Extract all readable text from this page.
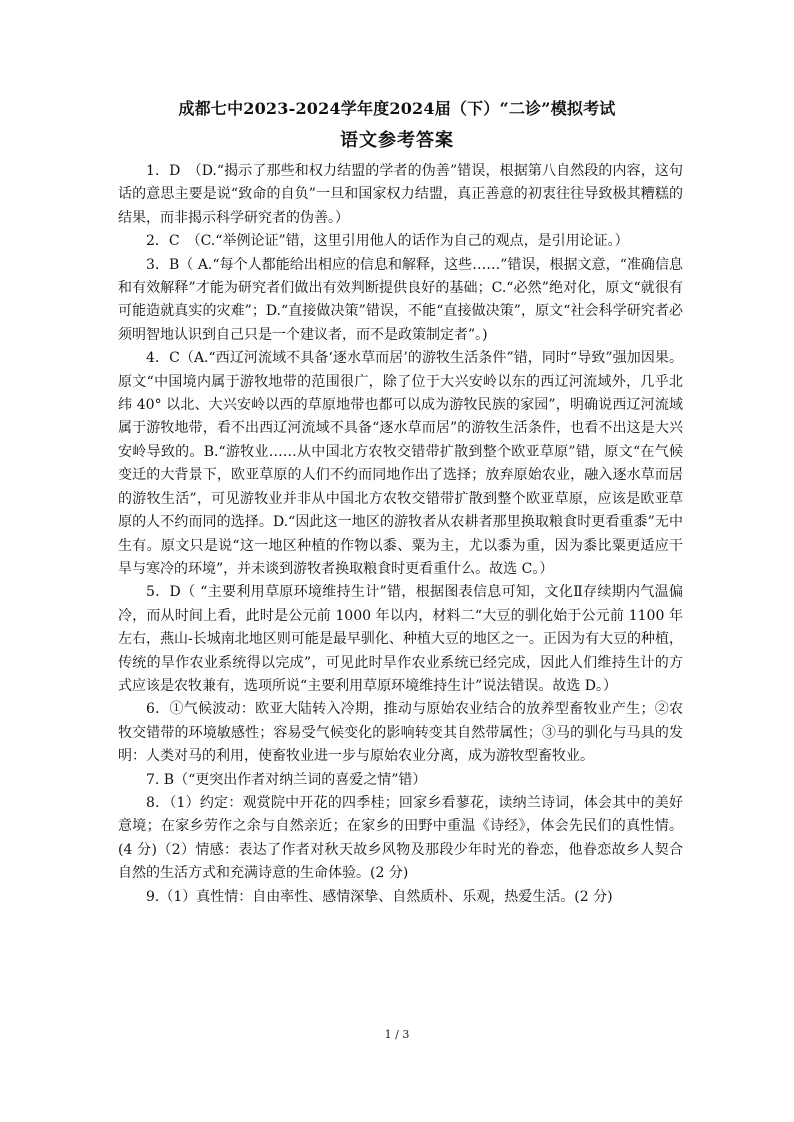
成都七中2023-2024学年度2024届（下）“二诊”模拟考试
语文参考答案

1．D　（D.“揭示了那些和权力结盟的学者的伪善”错误，根据第八自然段的内容，这句话的意思主要是说“致命的自负”一旦和国家权力结盟，真正善意的初衷往往导致极其糟糕的结果，而非揭示科学研究者的伪善。）

2．C　（C.“举例论证”错，这里引用他人的话作为自己的观点，是引用论证。）

3．B（ A.“每个人都能给出相应的信息和解释，这些……”错误，根据文意，“准确信息和有效解释”才能为研究者们做出有效判断提供良好的基础；C.“必然”绝对化，原文“就很有可能造就真实的灾难”；D.“直接做决策”错误，不能“直接做决策”，原文“社会科学研究者必须明智地认识到自己只是一个建议者，而不是政策制定者”。)

4．C（A.“西辽河流域不具备‘逐水草而居’的游牧生活条件”错，同时“导致”强加因果。原文“中国境内属于游牧地带的范围很广，除了位于大兴安岭以东的西辽河流域外，几乎北纬 40° 以北、大兴安岭以西的草原地带也都可以成为游牧民族的家园”，明确说西辽河流域属于游牧地带，看不出西辽河流域不具备“逐水草而居”的游牧生活条件，也看不出这是大兴安岭导致的。B.“游牧业……从中国北方农牧交错带扩散到整个欧亚草原”错，原文“在气候变迁的大背景下，欧亚草原的人们不约而同地作出了选择；放弃原始农业，融入逐水草而居的游牧生活”，可见游牧业并非从中国北方农牧交错带扩散到整个欧亚草原，应该是欧亚草原的人不约而同的选择。D.“因此这一地区的游牧者从农耕者那里换取粮食时更看重黍”无中生有。原文只是说“这一地区种植的作物以黍、粟为主，尤以黍为重，因为黍比粟更适应干旱与寒冷的环境”，并未谈到游牧者换取粮食时更看重什么。故选 C。）

5．D（ “主要利用草原环境维持生计”错，根据图表信息可知，文化Ⅱ存续期内气温偏冷，而从时间上看，此时是公元前 1000 年以内，材料二“大豆的驯化始于公元前 1100 年左右，燕山-长城南北地区则可能是最早驯化、种植大豆的地区之一。正因为有大豆的种植，传统的旱作农业系统得以完成”，可见此时旱作农业系统已经完成，因此人们维持生计的方式应该是农牧兼有，选项所说“主要利用草原环境维持生计”说法错误。故选 D。）

6．①气候波动：欧亚大陆转入冷期，推动与原始农业结合的放养型畜牧业产生；②农牧交错带的环境敏感性；容易受气候变化的影响转变其自然带属性；③马的驯化与马具的发明：人类对马的利用，使畜牧业进一步与原始农业分离，成为游牧型畜牧业。

7. B（“更突出作者对纳兰词的喜爱之情”错）

8．（1）约定：观赏院中开花的四季桂；回家乡看蓼花，读纳兰诗词，体会其中的美好意境；在家乡劳作之余与自然亲近；在家乡的田野中重温《诗经》，体会先民们的真性情。(4 分)（2）情感：表达了作者对秋天故乡风物及那段少年时光的眷恋，他眷恋故乡人契合自然的生活方式和充满诗意的生命体验。(2 分)

9.（1）真性情：自由率性、感情深挚、自然质朴、乐观，热爱生活。(2 分)

1 / 3
